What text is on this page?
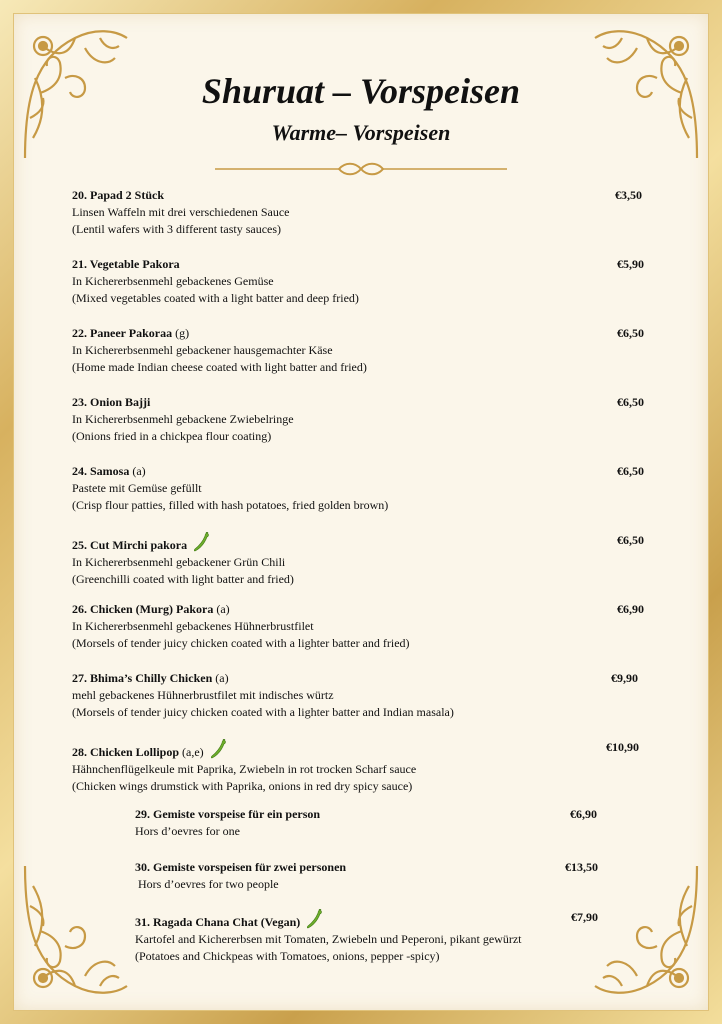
Shuruat – Vorspeisen
Warme– Vorspeisen
20. Papad 2 Stück	€3,50
Linsen Waffeln mit drei verschiedenen Sauce
(Lentil wafers with 3 different tasty sauces)
21. Vegetable Pakora	€5,90
In Kichererbsenmehl gebackenes Gemüse
(Mixed vegetables coated with a light batter and deep fried)
22. Paneer Pakoraa (g)	€6,50
In Kichererbsenmehl gebackener hausgemachter Käse
(Home made Indian cheese coated with light batter and fried)
23. Onion Bajji	€6,50
In Kichererbsenmehl gebackene Zwiebelringe
(Onions fried in a chickpea flour coating)
24. Samosa (a)	€6,50
Pastete mit Gemüse gefüllt
(Crisp flour patties, filled with hash potatoes, fried golden brown)
25. Cut Mirchi pakora	€6,50
In Kichererbsenmehl gebackener Grün Chili
(Greenchilli coated with light batter and fried)
26. Chicken (Murg) Pakora (a)	€6,90
In Kichererbsenmehl gebackenes Hühnerbrustfilet
(Morsels of tender juicy chicken coated with a lighter batter and fried)
27. Bhima’s Chilly Chicken (a)	€9,90
mehl gebackenes Hühnerbrustfilet mit indisches würtz
(Morsels of tender juicy chicken coated with a lighter batter and Indian masala)
28. Chicken Lollipop (a,e)	€10,90
Hähnchenflügelkeule mit Paprika, Zwiebeln in rot trocken Scharf sauce
(Chicken wings drumstick with Paprika, onions in red dry spicy sauce)
29. Gemiste vorspeise für ein person	€6,90
Hors d’oevres for one
30. Gemiste vorspeisen für zwei personen	€13,50
Hors d’oevres for two people
31. Ragada Chana Chat (Vegan)	€7,90
Kartofel and Kichererbsen mit Tomaten, Zwiebeln und Peperoni, pikant gewürzt
(Potatoes and Chickpeas with Tomatoes, onions, pepper -spicy)
